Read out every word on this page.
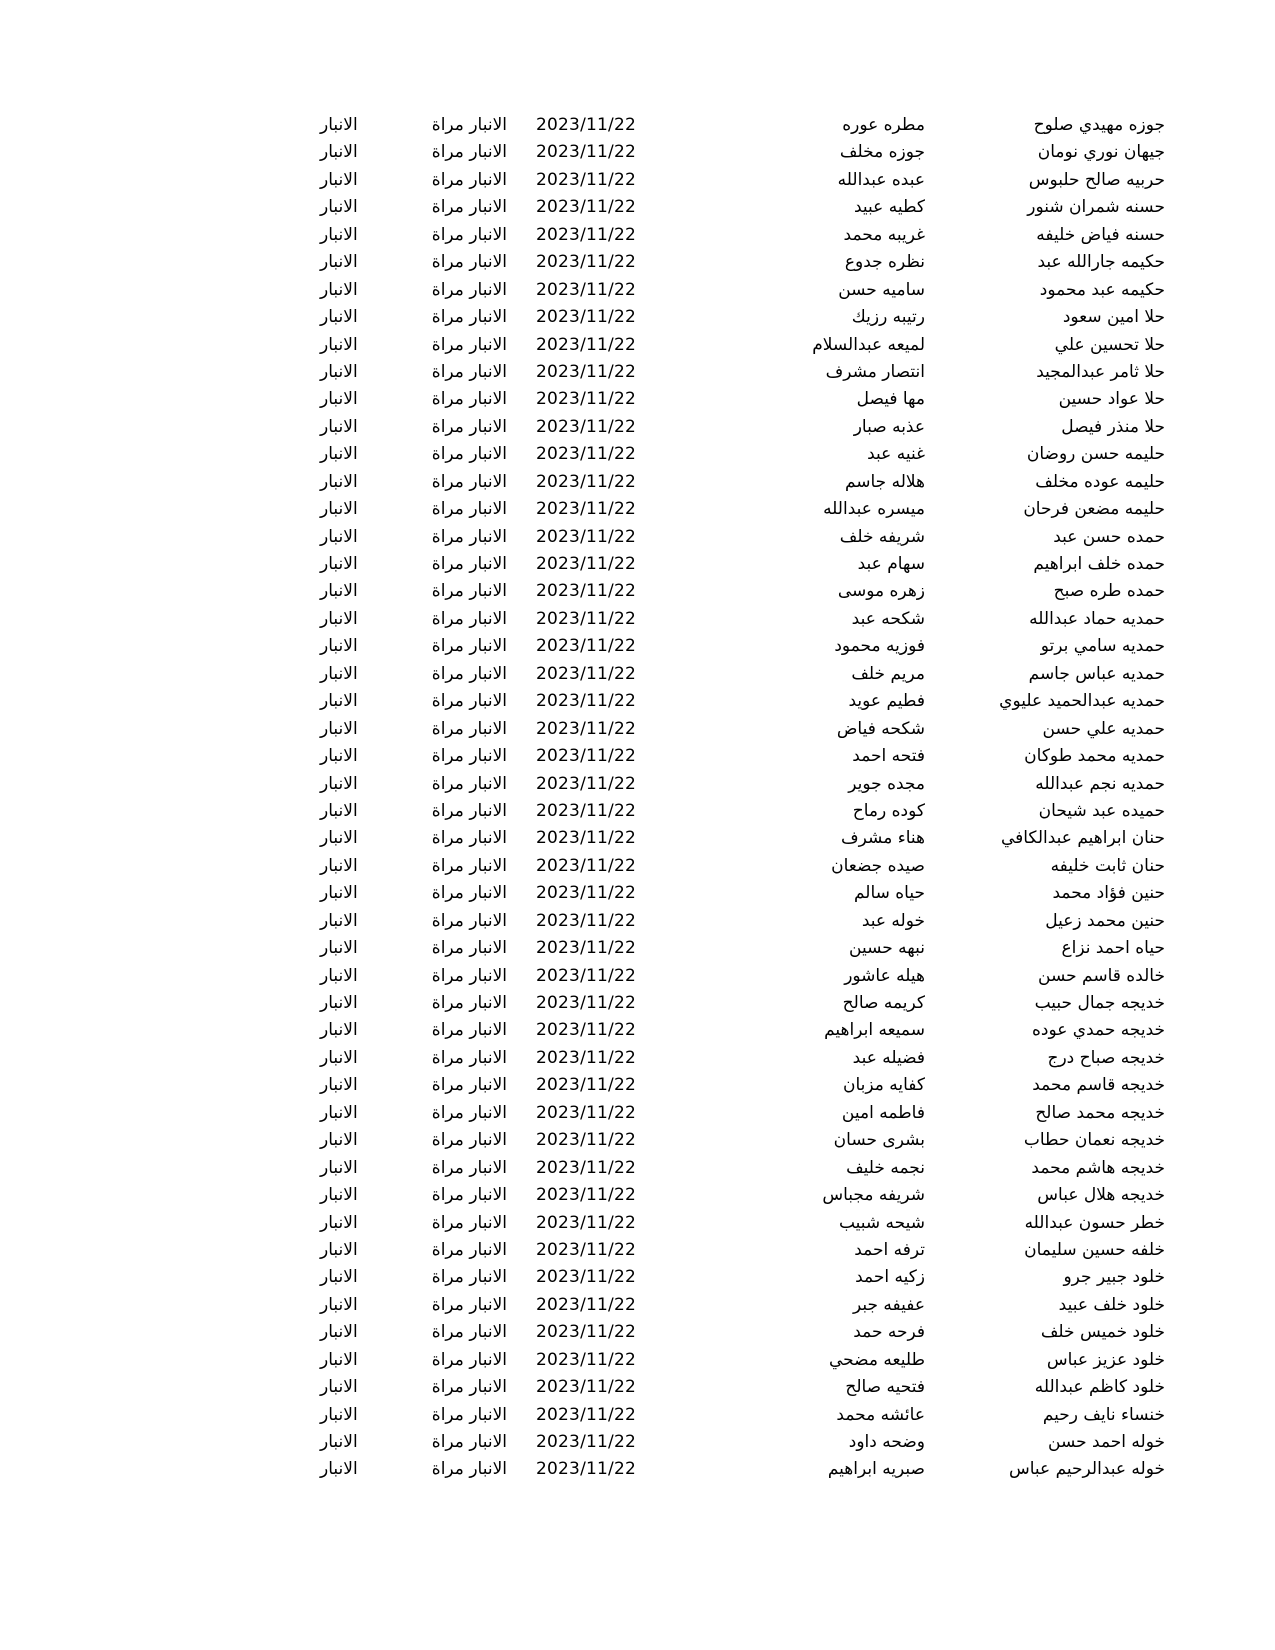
جوزه مهيدي صلوح
مطره عوره
2023/11/22
الانبار مراة
الانبار
جيهان نوري نومان
جوزه مخلف
2023/11/22
الانبار مراة
الانبار
حربيه صالح حلبوس
عبده عبدالله
2023/11/22
الانبار مراة
الانبار
حسنه شمران شنور
كطيه عبيد
2023/11/22
الانبار مراة
الانبار
حسنه فياض خليفه
غريبه محمد
2023/11/22
الانبار مراة
الانبار
حكيمه جارالله عبد
نظره جدوع
2023/11/22
الانبار مراة
الانبار
حكيمه عبد محمود
ساميه حسن
2023/11/22
الانبار مراة
الانبار
حلا امين سعود
رتيبه رزيك
2023/11/22
الانبار مراة
الانبار
حلا تحسين علي
لميعه عبدالسلام
2023/11/22
الانبار مراة
الانبار
حلا ثامر عبدالمجيد
انتصار مشرف
2023/11/22
الانبار مراة
الانبار
حلا عواد حسين
مها فيصل
2023/11/22
الانبار مراة
الانبار
حلا منذر فيصل
عذبه صبار
2023/11/22
الانبار مراة
الانبار
حليمه حسن روضان
غنيه عبد
2023/11/22
الانبار مراة
الانبار
حليمه عوده مخلف
هلاله جاسم
2023/11/22
الانبار مراة
الانبار
حليمه مضعن فرحان
ميسره عبدالله
2023/11/22
الانبار مراة
الانبار
حمده حسن عبد
شريفه خلف
2023/11/22
الانبار مراة
الانبار
حمده خلف ابراهيم
سهام عبد
2023/11/22
الانبار مراة
الانبار
حمده طره صبح
زهره موسى
2023/11/22
الانبار مراة
الانبار
حمديه حماد عبدالله
شكحه عبد
2023/11/22
الانبار مراة
الانبار
حمديه سامي برتو
فوزيه محمود
2023/11/22
الانبار مراة
الانبار
حمديه عباس جاسم
مريم خلف
2023/11/22
الانبار مراة
الانبار
حمديه عبدالحميد عليوي
فطيم عويد
2023/11/22
الانبار مراة
الانبار
حمديه علي حسن
شكحه فياض
2023/11/22
الانبار مراة
الانبار
حمديه محمد طوكان
فتحه احمد
2023/11/22
الانبار مراة
الانبار
حمديه نجم عبدالله
مجده جوير
2023/11/22
الانبار مراة
الانبار
حميده عبد شيحان
كوده رماح
2023/11/22
الانبار مراة
الانبار
حنان ابراهيم عبدالكافي
هناء مشرف
2023/11/22
الانبار مراة
الانبار
حنان ثابت خليفه
صيده جضعان
2023/11/22
الانبار مراة
الانبار
حنين فؤاد محمد
حياه سالم
2023/11/22
الانبار مراة
الانبار
حنين محمد زعيل
خوله عبد
2023/11/22
الانبار مراة
الانبار
حياه احمد نزاع
نبهه حسين
2023/11/22
الانبار مراة
الانبار
خالده قاسم حسن
هيله عاشور
2023/11/22
الانبار مراة
الانبار
خديجه جمال حبيب
كريمه صالح
2023/11/22
الانبار مراة
الانبار
خديجه حمدي عوده
سميعه ابراهيم
2023/11/22
الانبار مراة
الانبار
خديجه صباح درج
فضيله عبد
2023/11/22
الانبار مراة
الانبار
خديجه قاسم محمد
كفايه مزبان
2023/11/22
الانبار مراة
الانبار
خديجه محمد صالح
فاطمه امين
2023/11/22
الانبار مراة
الانبار
خديجه نعمان حطاب
بشرى حسان
2023/11/22
الانبار مراة
الانبار
خديجه هاشم محمد
نجمه خليف
2023/11/22
الانبار مراة
الانبار
خديجه هلال عباس
شريفه مجباس
2023/11/22
الانبار مراة
الانبار
خطر حسون عبدالله
شيحه شبيب
2023/11/22
الانبار مراة
الانبار
خلفه حسين سليمان
ترفه احمد
2023/11/22
الانبار مراة
الانبار
خلود جبير جرو
زكيه احمد
2023/11/22
الانبار مراة
الانبار
خلود خلف عبيد
عفيفه جبر
2023/11/22
الانبار مراة
الانبار
خلود خميس خلف
فرحه حمد
2023/11/22
الانبار مراة
الانبار
خلود عزيز عباس
طليعه مضحي
2023/11/22
الانبار مراة
الانبار
خلود كاظم عبدالله
فتحيه صالح
2023/11/22
الانبار مراة
الانبار
خنساء نايف رحيم
عائشه محمد
2023/11/22
الانبار مراة
الانبار
خوله احمد حسن
وضحه داود
2023/11/22
الانبار مراة
الانبار
خوله عبدالرحيم عباس
صبريه ابراهيم
2023/11/22
الانبار مراة
الانبار
